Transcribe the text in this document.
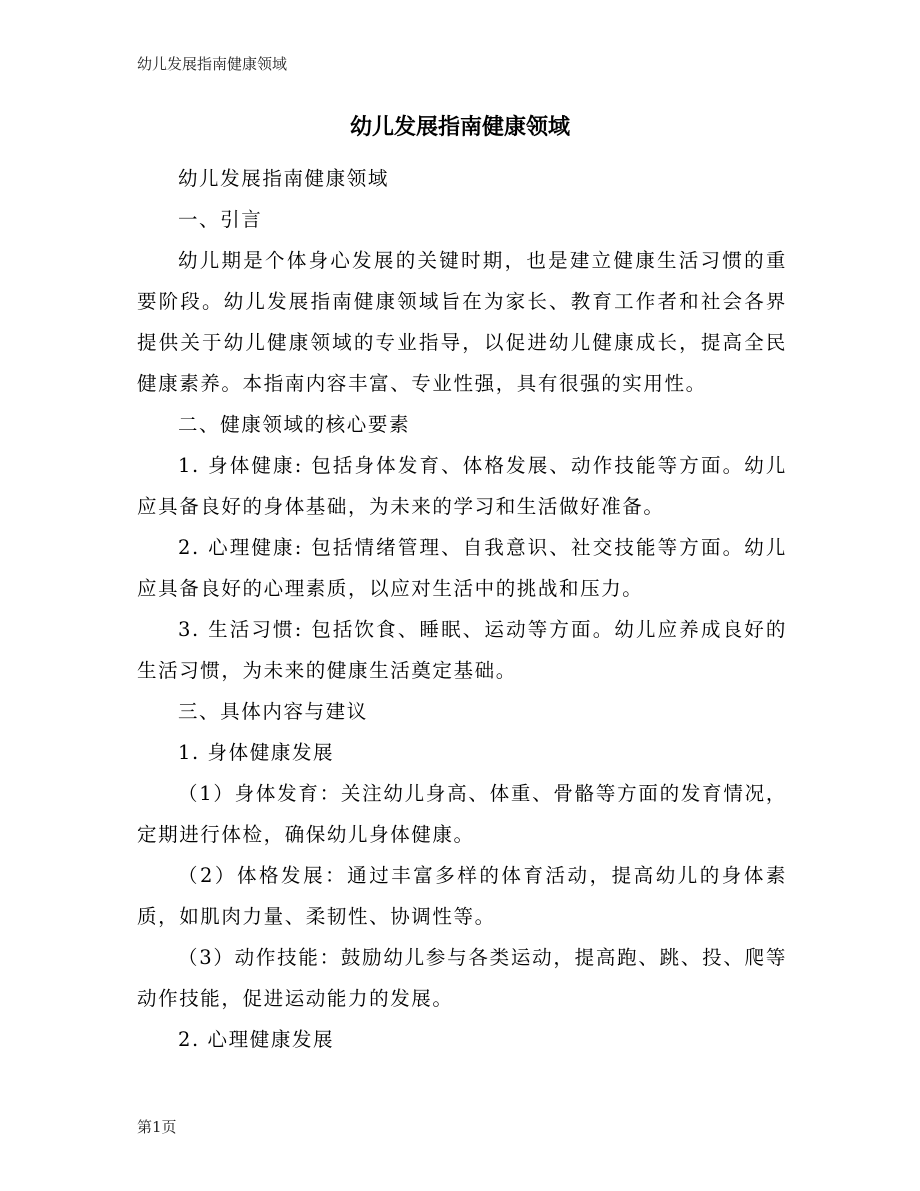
幼儿发展指南健康领域
幼儿发展指南健康领域

幼儿发展指南健康领域

一、引言

幼儿期是个体身心发展的关键时期，也是建立健康生活习惯的重要阶段。幼儿发展指南健康领域旨在为家长、教育工作者和社会各界提供关于幼儿健康领域的专业指导，以促进幼儿健康成长，提高全民健康素养。本指南内容丰富、专业性强，具有很强的实用性。

二、健康领域的核心要素

1. 身体健康: 包括身体发育、体格发展、动作技能等方面。幼儿应具备良好的身体基础，为未来的学习和生活做好准备。

2. 心理健康: 包括情绪管理、自我意识、社交技能等方面。幼儿应具备良好的心理素质，以应对生活中的挑战和压力。

3. 生活习惯: 包括饮食、睡眠、运动等方面。幼儿应养成良好的生活习惯，为未来的健康生活奠定基础。

三、具体内容与建议

1. 身体健康发展

（1）身体发育：关注幼儿身高、体重、骨骼等方面的发育情况，定期进行体检，确保幼儿身体健康。

（2）体格发展：通过丰富多样的体育活动，提高幼儿的身体素质，如肌肉力量、柔韧性、协调性等。

（3）动作技能：鼓励幼儿参与各类运动，提高跑、跳、投、爬等动作技能，促进运动能力的发展。

2. 心理健康发展

第1页
